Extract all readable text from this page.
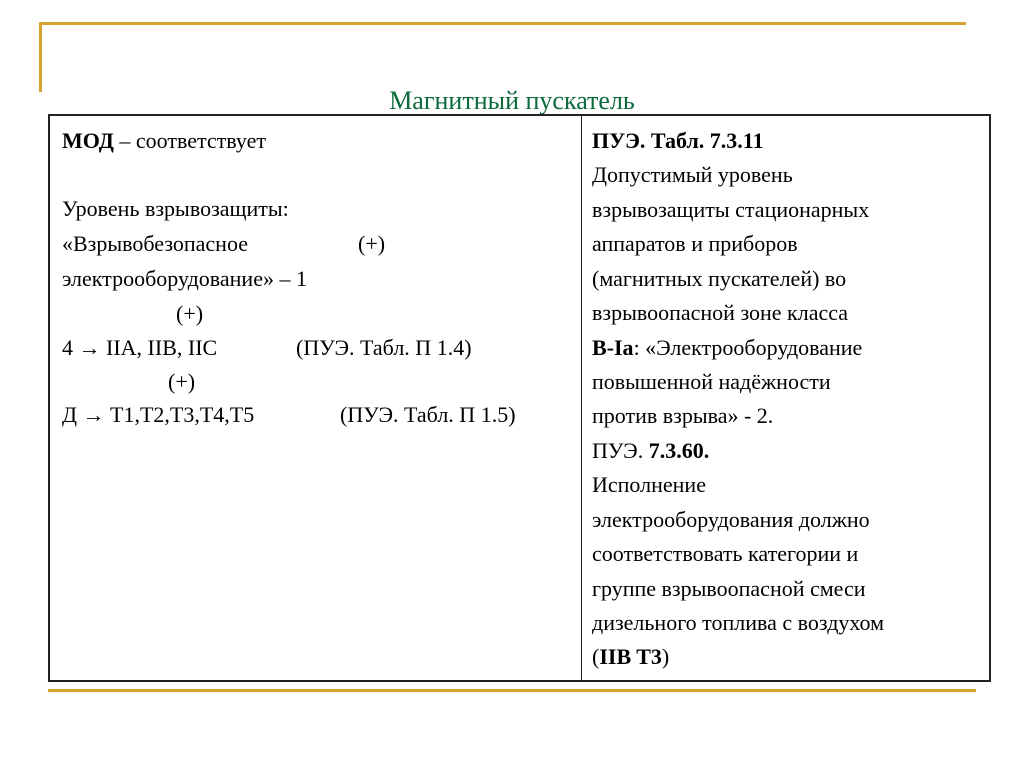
Магнитный пускатель
МОД – соответствует
Уровень взрывозащиты:
«Взрывобезопасное	(+)
электрооборудование» – 1
(+)
4 → IIA, IIB, IIC	(ПУЭ. Табл. П 1.4)
(+)
Д → T1,T2,T3,T4,T5	(ПУЭ. Табл. П 1.5)
ПУЭ. Табл. 7.3.11
Допустимый уровень
взрывозащиты стационарных
аппаратов и приборов
(магнитных пускателей) во
взрывоопасной зоне класса
В-Ia: «Электрооборудование
повышенной надёжности
против взрыва» - 2.
ПУЭ. 7.3.60.
Исполнение
электрооборудования должно
соответствовать категории и
группе взрывоопасной смеси
дизельного топлива с воздухом
(IIB T3)
